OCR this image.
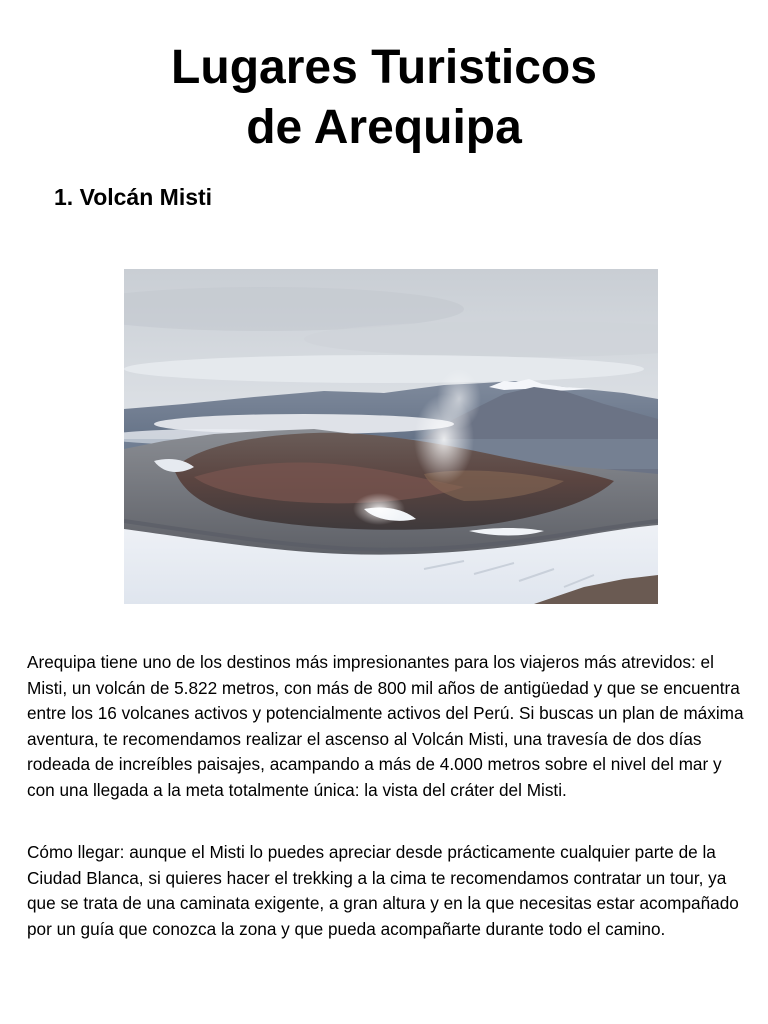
Lugares Turisticos
de Arequipa
1. Volcán Misti

Arequipa tiene uno de los destinos más impresionantes para los viajeros más atrevidos: el Misti, un volcán de 5.822 metros, con más de 800 mil años de antigüedad y que se encuentra entre los 16 volcanes activos y potencialmente activos del Perú. Si buscas un plan de máxima aventura, te recomendamos realizar el ascenso al Volcán Misti, una travesía de dos días rodeada de increíbles paisajes, acampando a más de 4.000 metros sobre el nivel del mar y con una llegada a la meta totalmente única: la vista del cráter del Misti.

Cómo llegar: aunque el Misti lo puedes apreciar desde prácticamente cualquier parte de la Ciudad Blanca, si quieres hacer el trekking a la cima te recomendamos contratar un tour, ya que se trata de una caminata exigente, a gran altura y en la que necesitas estar acompañado por un guía que conozca la zona y que pueda acompañarte durante todo el camino.
